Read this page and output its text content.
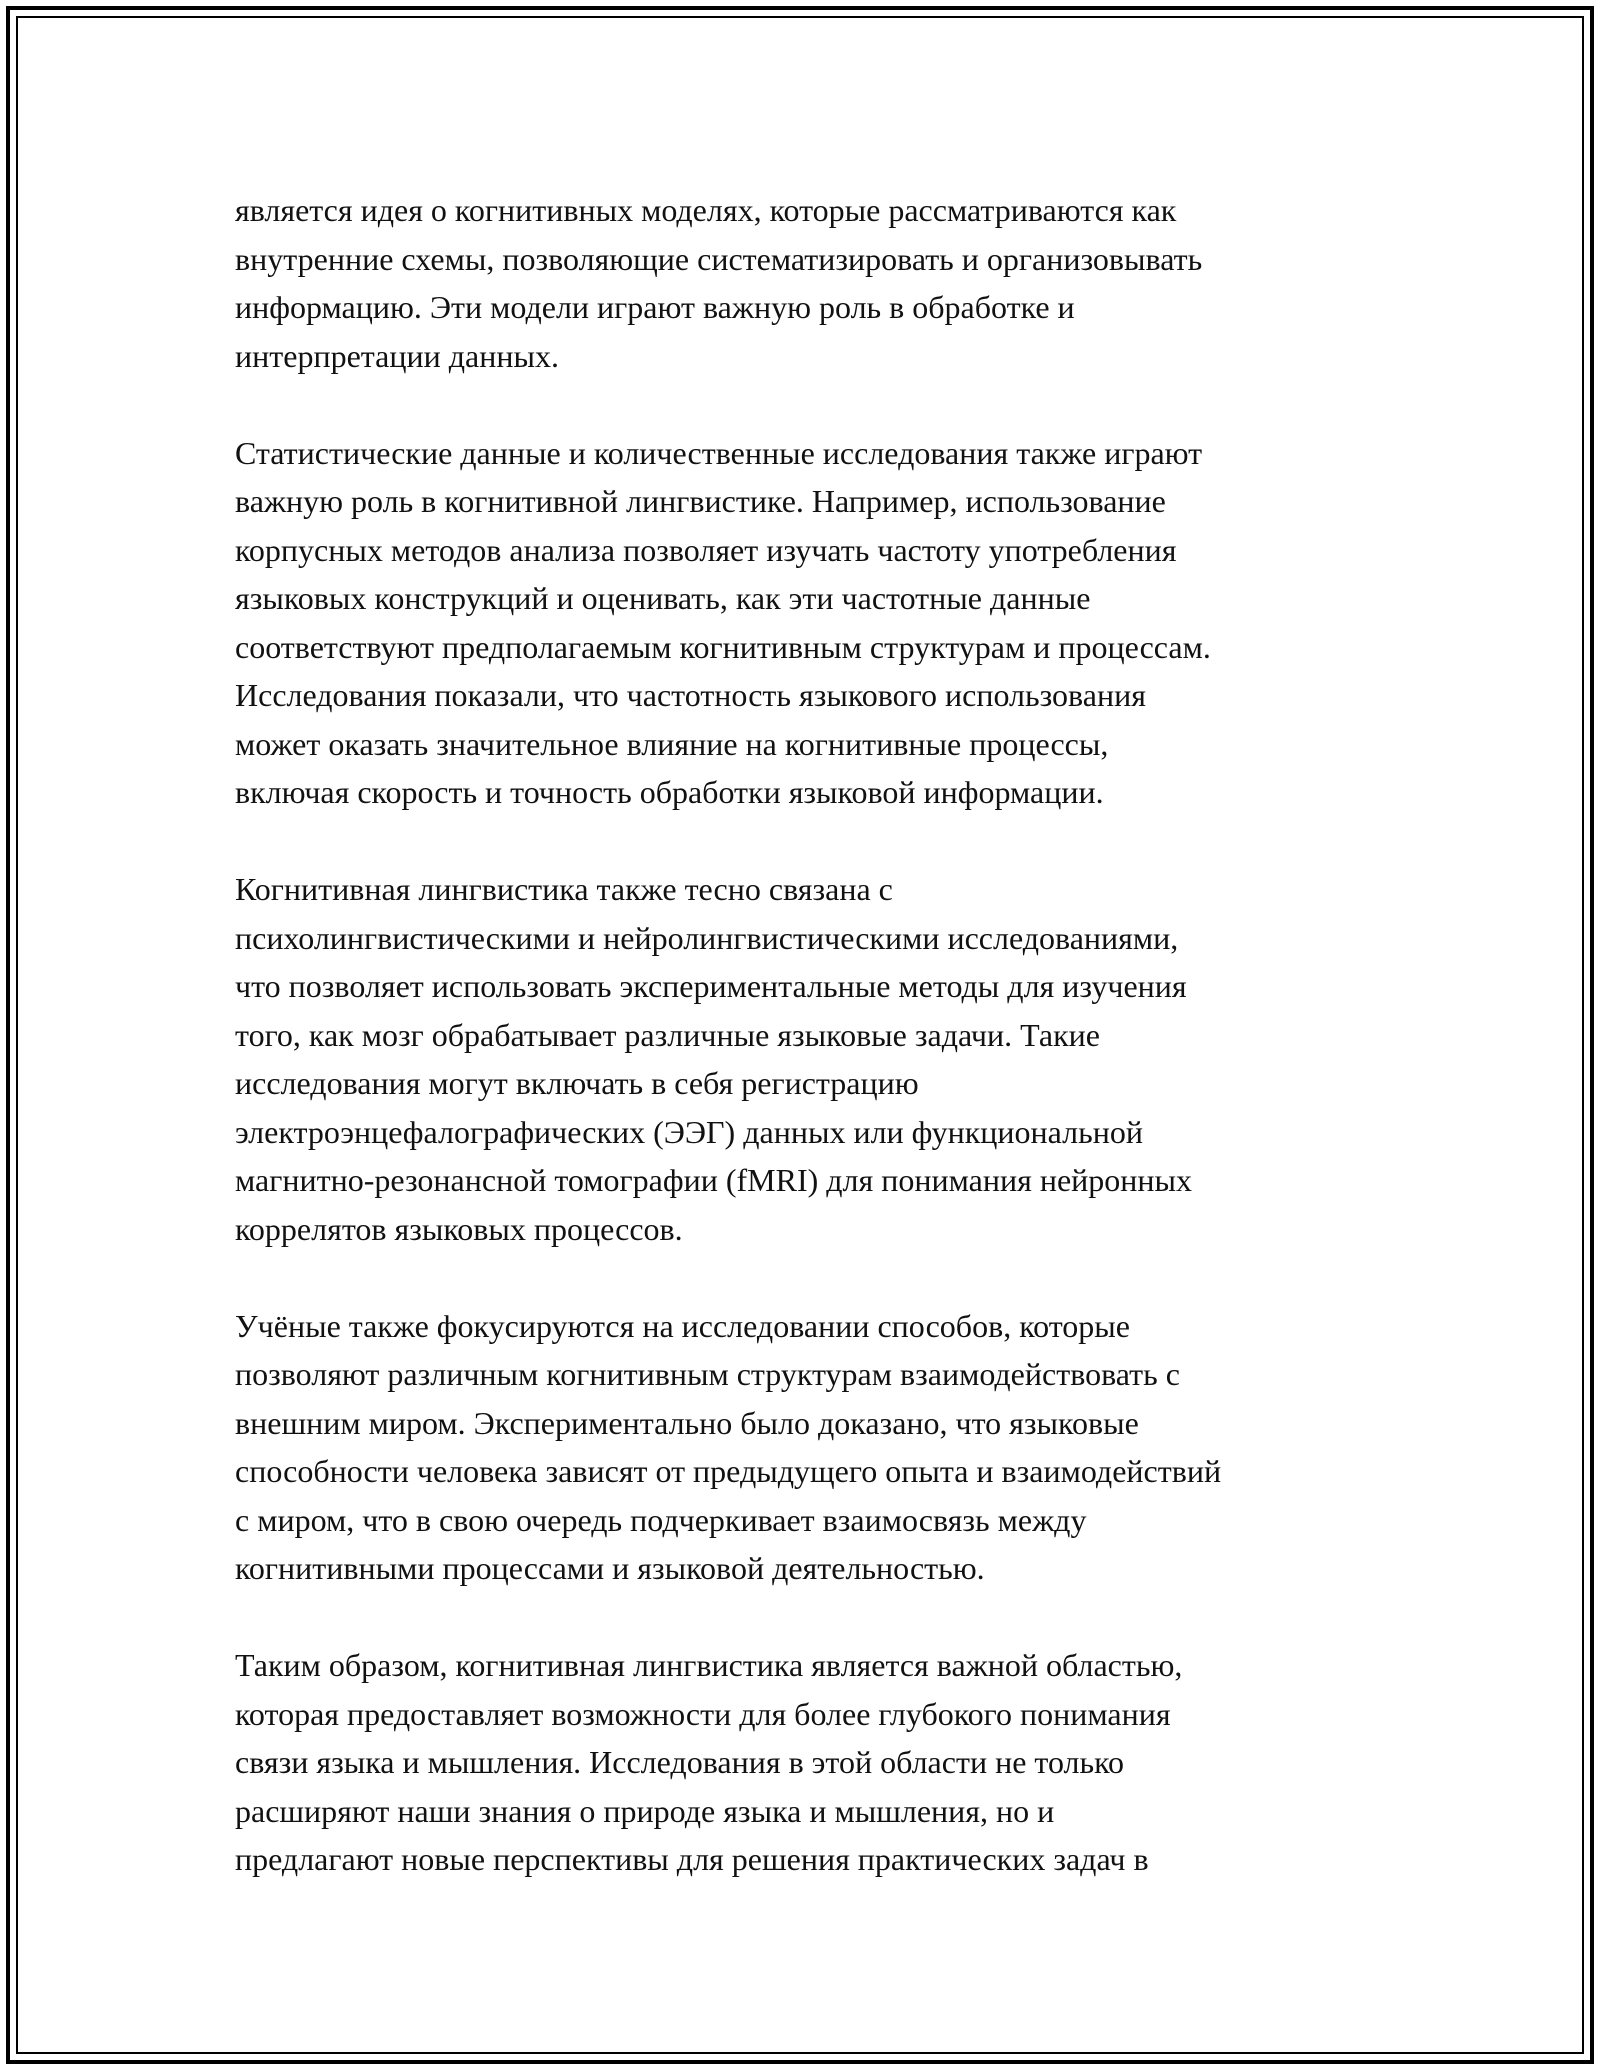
является идея о когнитивных моделях, которые рассматриваются как
внутренние схемы, позволяющие систематизировать и организовывать
информацию. Эти модели играют важную роль в обработке и
интерпретации данных.
Статистические данные и количественные исследования также играют
важную роль в когнитивной лингвистике. Например, использование
корпусных методов анализа позволяет изучать частоту употребления
языковых конструкций и оценивать, как эти частотные данные
соответствуют предполагаемым когнитивным структурам и процессам.
Исследования показали, что частотность языкового использования
может оказать значительное влияние на когнитивные процессы,
включая скорость и точность обработки языковой информации.
Когнитивная лингвистика также тесно связана с
психолингвистическими и нейролингвистическими исследованиями,
что позволяет использовать экспериментальные методы для изучения
того, как мозг обрабатывает различные языковые задачи. Такие
исследования могут включать в себя регистрацию
электроэнцефалографических (ЭЭГ) данных или функциональной
магнитно-резонансной томографии (fMRI) для понимания нейронных
коррелятов языковых процессов.
Учёные также фокусируются на исследовании способов, которые
позволяют различным когнитивным структурам взаимодействовать с
внешним миром. Экспериментально было доказано, что языковые
способности человека зависят от предыдущего опыта и взаимодействий
с миром, что в свою очередь подчеркивает взаимосвязь между
когнитивными процессами и языковой деятельностью.
Таким образом, когнитивная лингвистика является важной областью,
которая предоставляет возможности для более глубокого понимания
связи языка и мышления. Исследования в этой области не только
расширяют наши знания о природе языка и мышления, но и
предлагают новые перспективы для решения практических задач в
